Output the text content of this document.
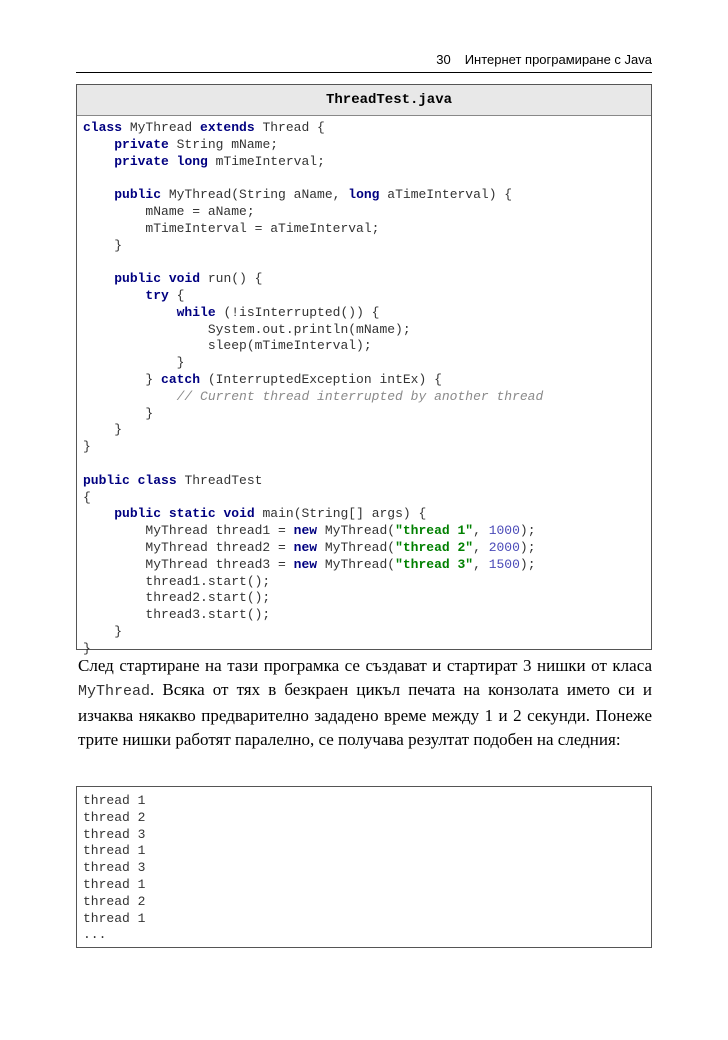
30 Интернет програмиране с Java
ThreadTest.java
class MyThread extends Thread {
private String mName;
private long mTimeInterval;
public MyThread(String aName, long aTimeInterval) {
mName = aName;
mTimeInterval = aTimeInterval;
}
public void run() {
try {
while (!isInterrupted()) {
System.out.println(mName);
sleep(mTimeInterval);
}
} catch (InterruptedException intEx) {
// Current thread interrupted by another thread
}
}
}
public class ThreadTest
{
public static void main(String[] args) {
MyThread thread1 = new MyThread("thread 1", 1000);
MyThread thread2 = new MyThread("thread 2", 2000);
MyThread thread3 = new MyThread("thread 3", 1500);
thread1.start();
thread2.start();
thread3.start();
}
}
След стартиране на тази програмка се създават и стартират 3 нишки от класа MyThread. Всяка от тях в безкраен цикъл печата на конзолата името си и изчаква някакво предварително зададено време между 1 и 2 секунди. Понеже трите нишки работят паралелно, се получава резултат подобен на следния:
thread 1
thread 2
thread 3
thread 1
thread 3
thread 1
thread 2
thread 1
...
